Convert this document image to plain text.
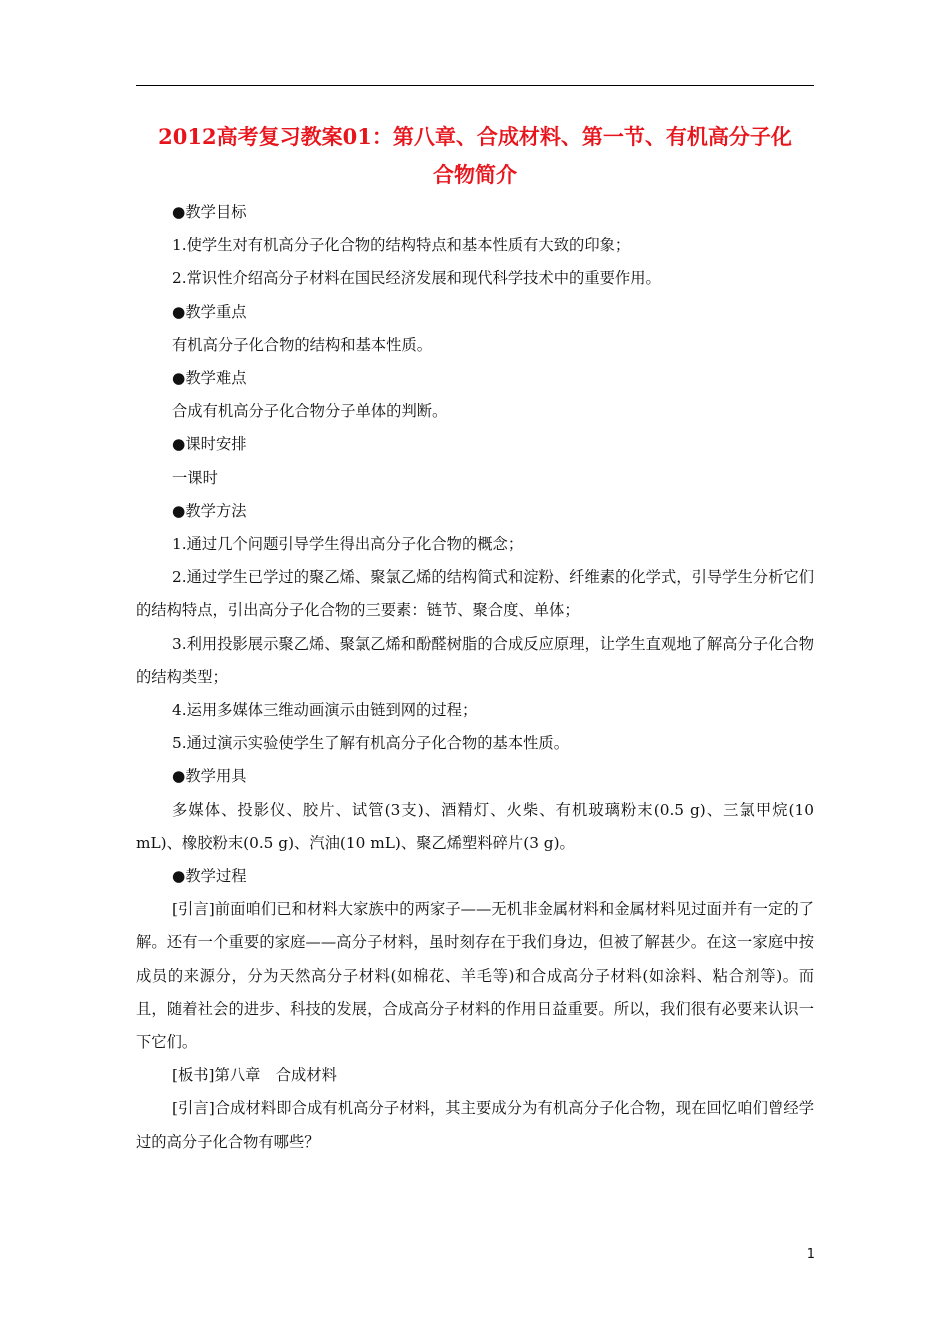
2012高考复习教案01：第八章、合成材料、第一节、有机高分子化
合物简介

●教学目标

1.使学生对有机高分子化合物的结构特点和基本性质有大致的印象；

2.常识性介绍高分子材料在国民经济发展和现代科学技术中的重要作用。

●教学重点

有机高分子化合物的结构和基本性质。

●教学难点

合成有机高分子化合物分子单体的判断。

●课时安排

一课时

●教学方法

1.通过几个问题引导学生得出高分子化合物的概念；

2.通过学生已学过的聚乙烯、聚氯乙烯的结构简式和淀粉、纤维素的化学式，引导学生分析它们的结构特点，引出高分子化合物的三要素：链节、聚合度、单体；

3.利用投影展示聚乙烯、聚氯乙烯和酚醛树脂的合成反应原理，让学生直观地了解高分子化合物的结构类型；

4.运用多媒体三维动画演示由链到网的过程；

5.通过演示实验使学生了解有机高分子化合物的基本性质。

●教学用具

多媒体、投影仪、胶片、试管(3支)、酒精灯、火柴、有机玻璃粉末(0.5 g)、三氯甲烷(10 mL)、橡胶粉末(0.5 g)、汽油(10 mL)、聚乙烯塑料碎片(3 g)。

●教学过程

[引言]前面咱们已和材料大家族中的两家子——无机非金属材料和金属材料见过面并有一定的了解。还有一个重要的家庭——高分子材料，虽时刻存在于我们身边，但被了解甚少。在这一家庭中按成员的来源分，分为天然高分子材料(如棉花、羊毛等)和合成高分子材料(如涂料、粘合剂等)。而且，随着社会的进步、科技的发展，合成高分子材料的作用日益重要。所以，我们很有必要来认识一下它们。

[板书]第八章　合成材料

[引言]合成材料即合成有机高分子材料，其主要成分为有机高分子化合物，现在回忆咱们曾经学过的高分子化合物有哪些？

1
